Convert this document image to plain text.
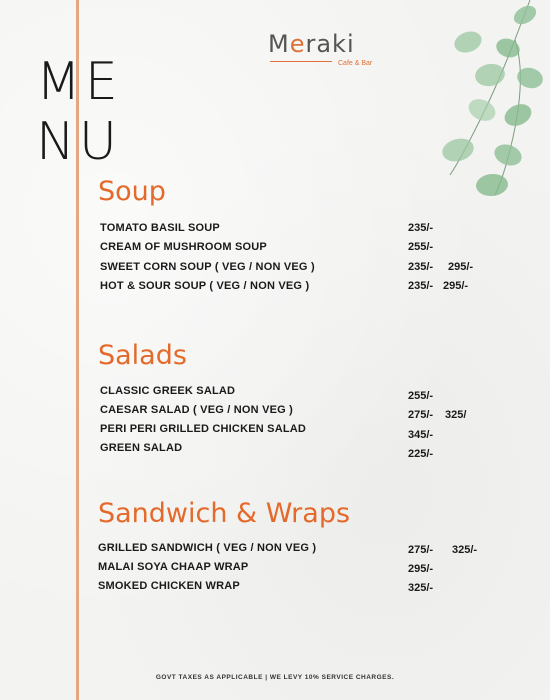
ME
NU
Meraki
Cafe & Bar
Soup
TOMATO BASIL SOUP	235/-
CREAM OF MUSHROOM SOUP	255/-
SWEET CORN SOUP ( VEG / NON VEG )	235/- 295/-
HOT & SOUR SOUP ( VEG / NON VEG )	235/- 295/-
Salads
CLASSIC GREEK SALAD	255/-
CAESAR SALAD ( VEG / NON VEG )	275/- 325/
PERI PERI GRILLED CHICKEN SALAD	345/-
GREEN SALAD	225/-
Sandwich & Wraps
GRILLED SANDWICH ( VEG / NON VEG )	275/- 325/-
MALAI SOYA CHAAP WRAP	295/-
SMOKED CHICKEN WRAP	325/-
GOVT TAXES AS APPLICABLE | WE LEVY 10% SERVICE CHARGES.
